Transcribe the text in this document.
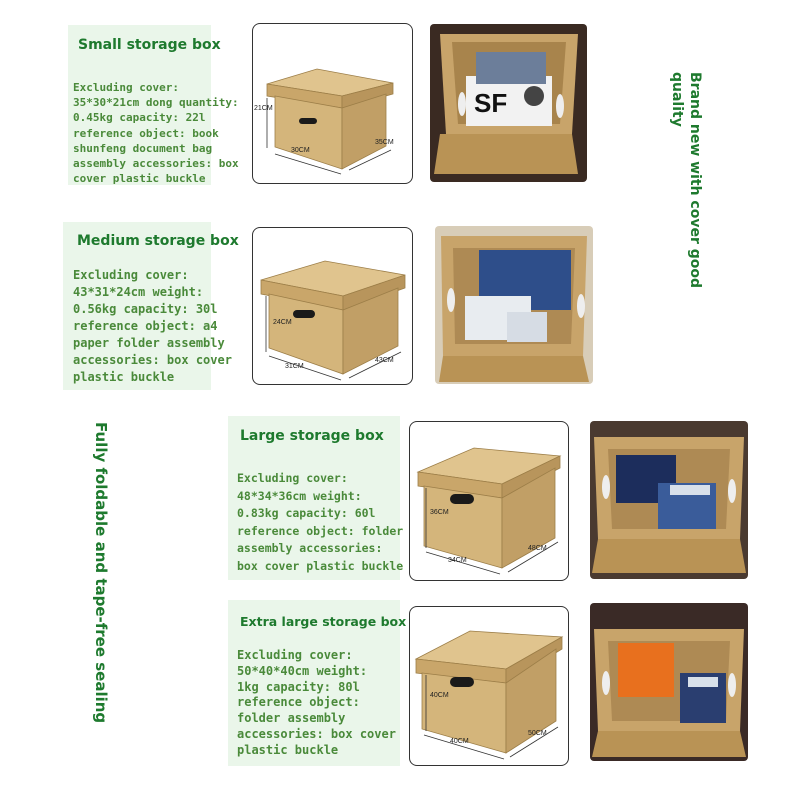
Brand new with cover good quality
Fully foldable and tape-free sealing
Small storage box
Excluding cover:
35*30*21cm dong quantity:
0.45kg capacity: 22l
reference object: book
shunfeng document bag
assembly accessories: box
cover plastic buckle
21CM
30CM
35CM
SF
Medium storage box
Excluding cover:
43*31*24cm weight:
0.56kg capacity: 30l
reference object: a4
paper folder assembly
accessories: box cover
plastic buckle
24CM
31CM
43CM
Large storage box
Excluding cover:
48*34*36cm weight:
0.83kg capacity: 60l
reference object: folder
assembly accessories:
box cover plastic buckle
36CM
34CM
48CM
Extra large storage box
Excluding cover:
50*40*40cm weight:
1kg capacity: 80l
reference object:
folder assembly
accessories: box cover
plastic buckle
40CM
40CM
50CM
